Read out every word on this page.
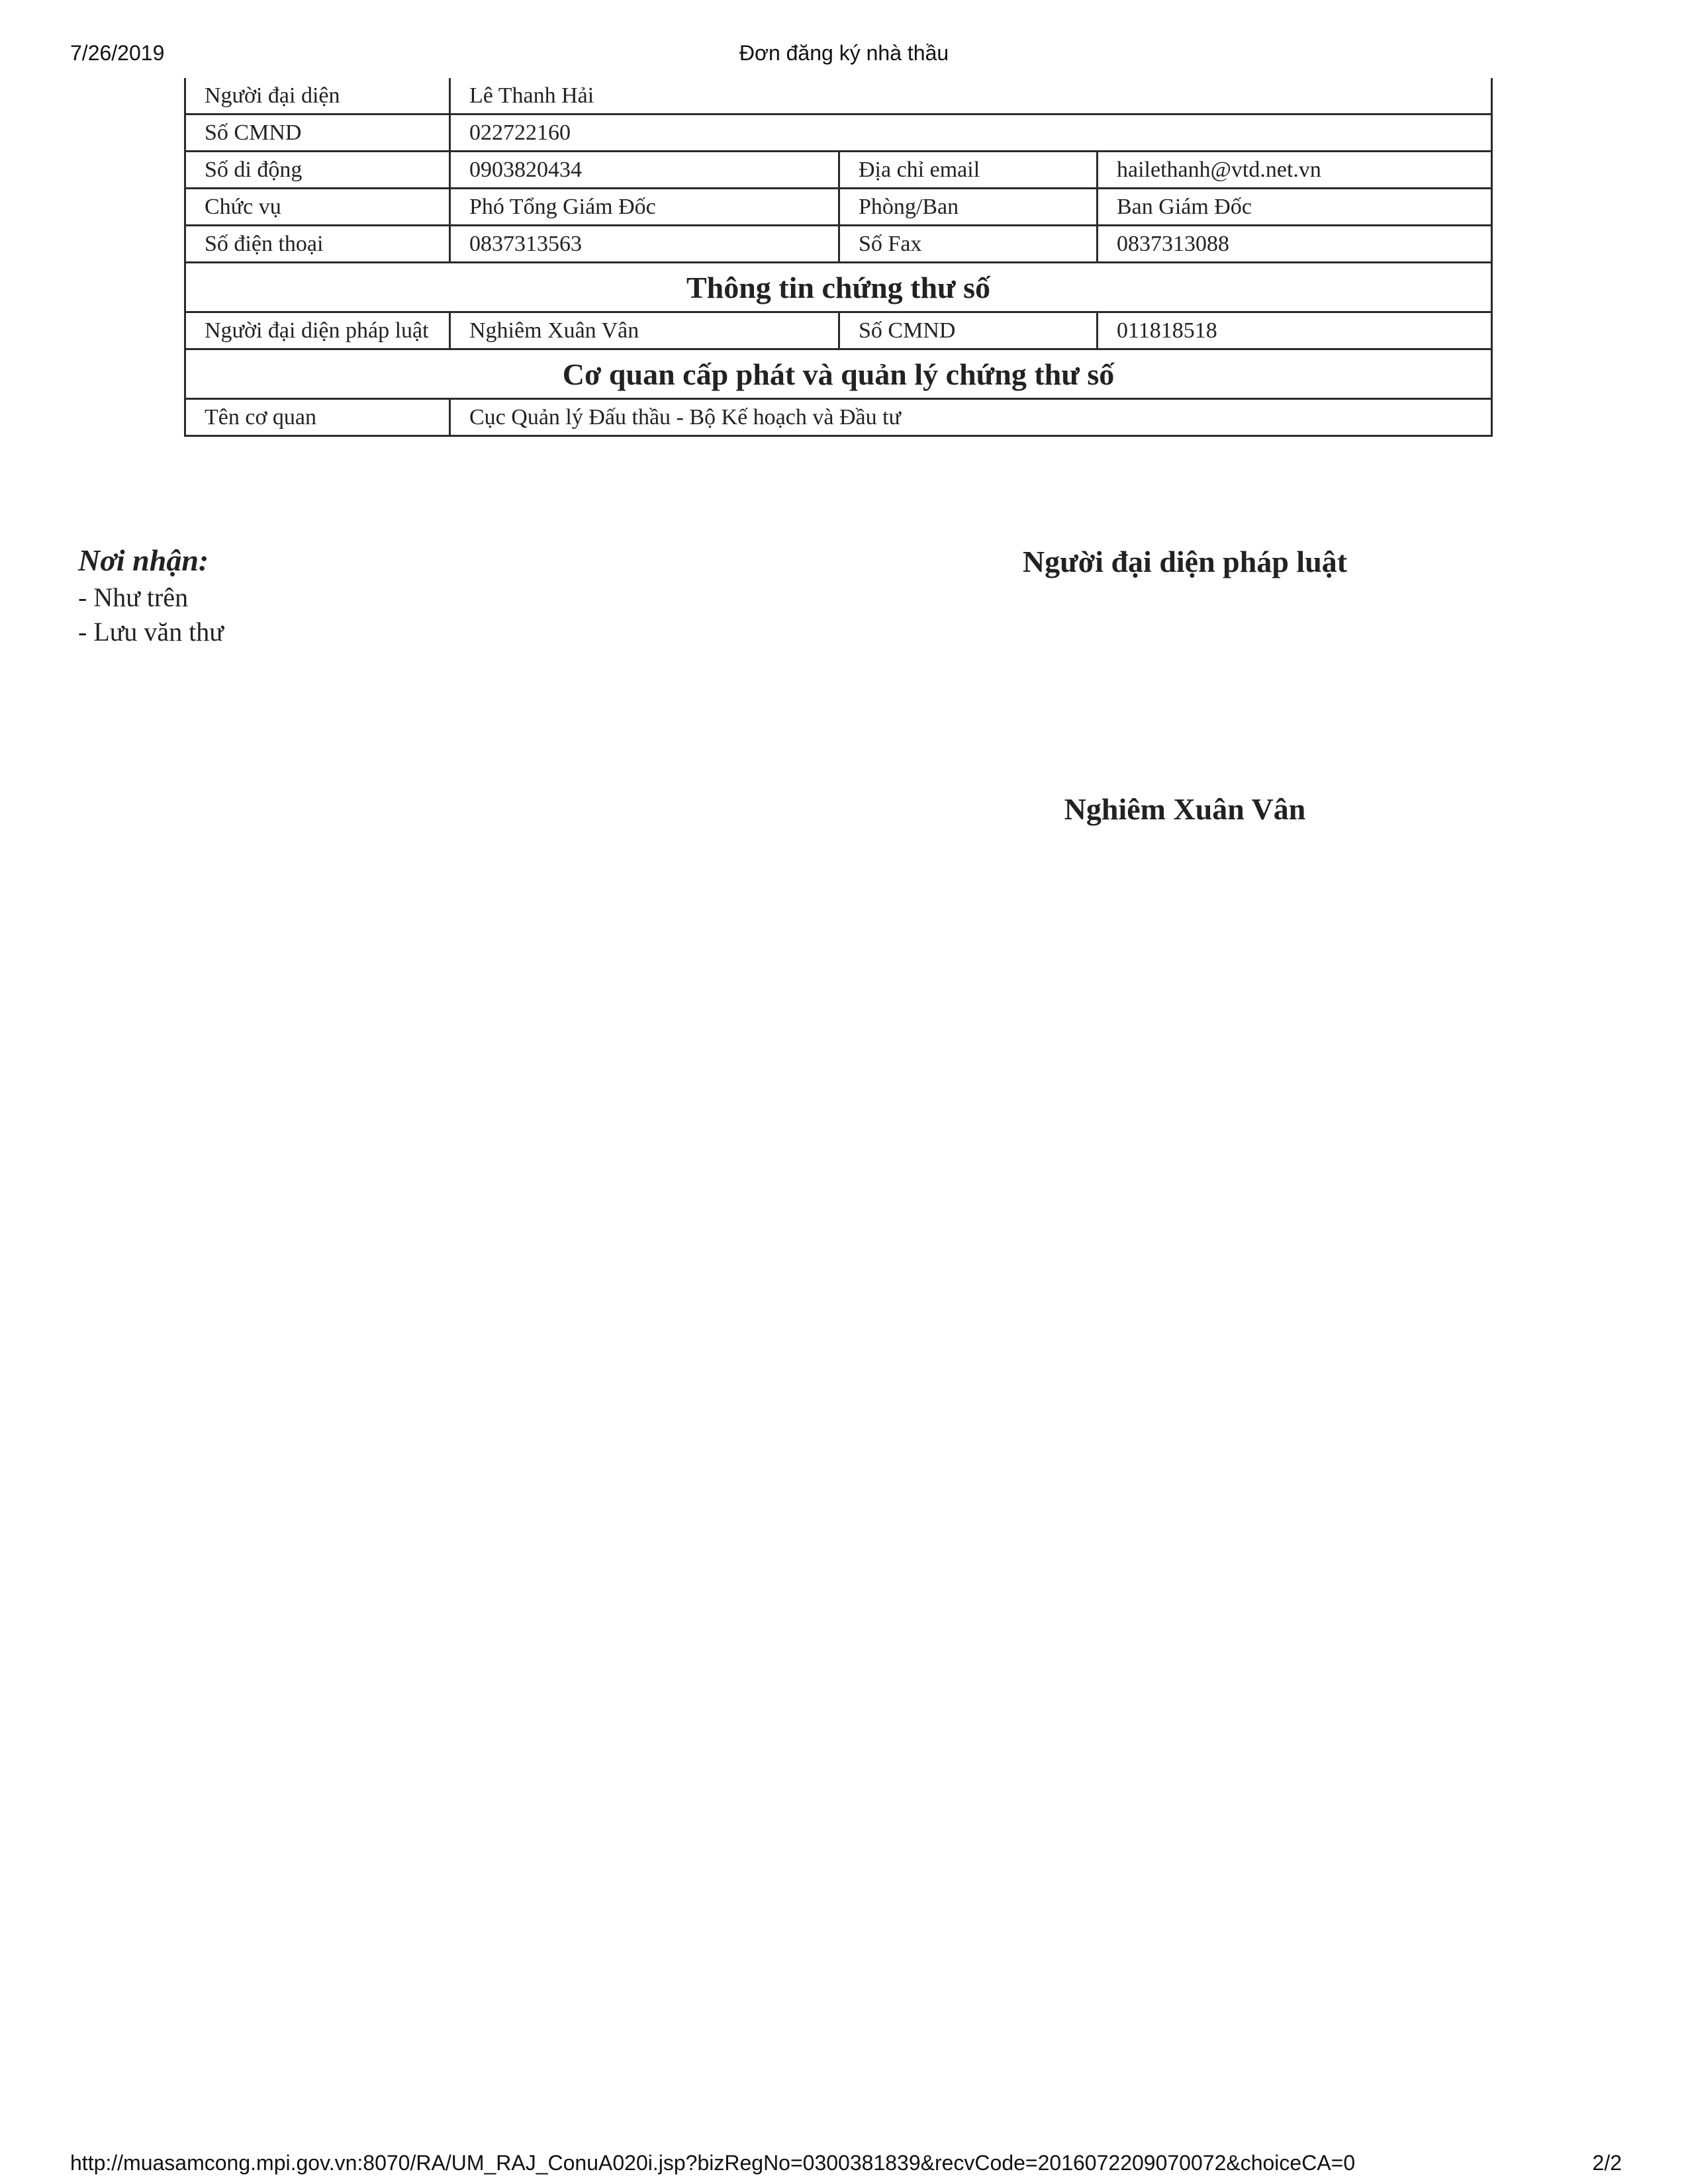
7/26/2019	Đơn đăng ký nhà thầu
Người đại diện	Lê Thanh Hải		
Số CMND	022722160		
Số di động	0903820434	Địa chỉ email	hailethanh@vtd.net.vn
Chức vụ	Phó Tổng Giám Đốc	Phòng/Ban	Ban Giám Đốc
Số điện thoại	0837313563	Số Fax	0837313088
Thông tin chứng thư số			
Người đại diện pháp luật	Nghiêm Xuân Vân	Số CMND	011818518
Cơ quan cấp phát và quản lý chứng thư số			
Tên cơ quan	Cục Quản lý Đấu thầu - Bộ Kế hoạch và Đầu tư		
Nơi nhận:
- Như trên
- Lưu văn thư
Người đại diện pháp luật
Nghiêm Xuân Vân
http://muasamcong.mpi.gov.vn:8070/RA/UM_RAJ_ConuA020i.jsp?bizRegNo=0300381839&recvCode=2016072209070072&choiceCA=0	2/2
